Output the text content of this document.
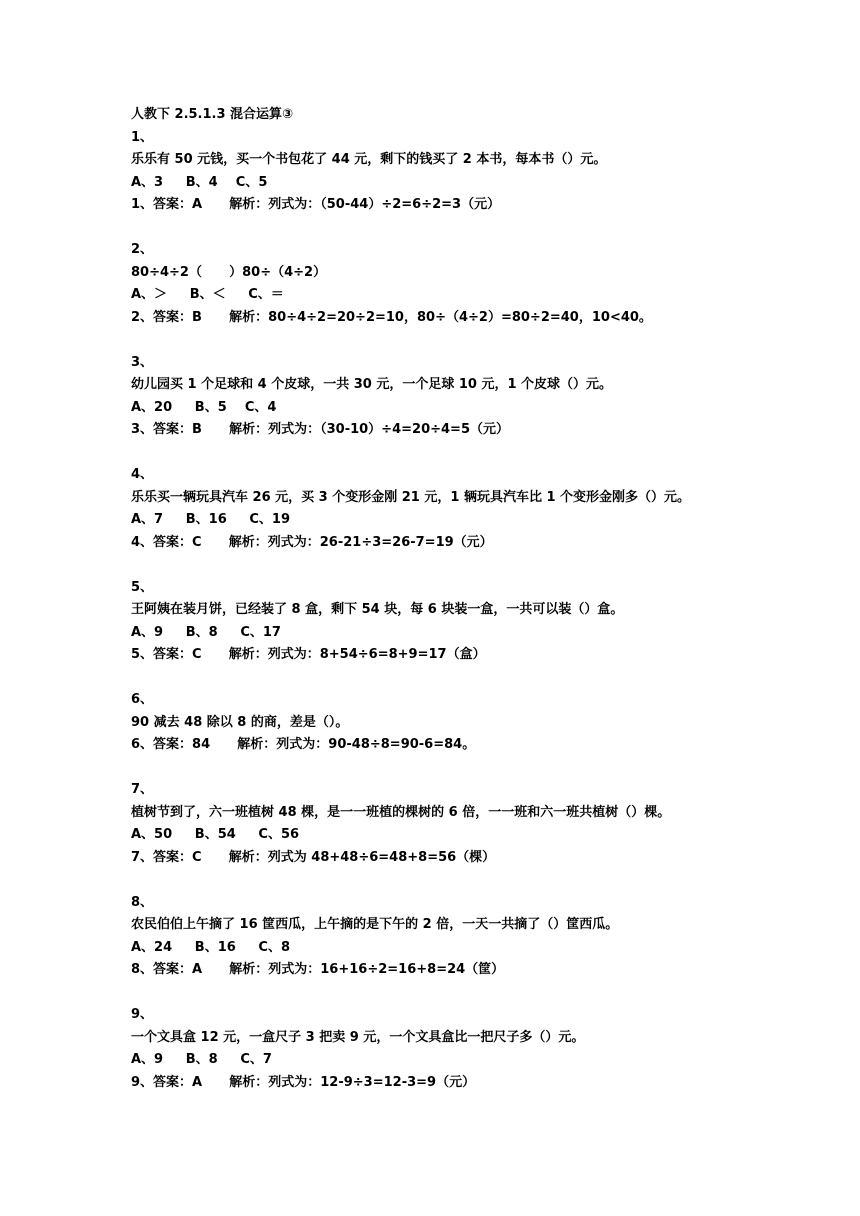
人教下 2.5.1.3 混合运算③
1、
乐乐有 50 元钱，买一个书包花了 44 元，剩下的钱买了 2 本书，每本书（）元。
A、3     B、4    C、5
1、答案：A      解析：列式为：（50-44）÷2=6÷2=3（元）
2、
80÷4÷2（      ）80÷（4÷2）
A、＞     B、＜     C、＝
2、答案：B      解析：80÷4÷2=20÷2=10，80÷（4÷2）=80÷2=40，10<40。
3、
幼儿园买 1 个足球和 4 个皮球，一共 30 元，一个足球 10 元，1 个皮球（）元。
A、20     B、5    C、4
3、答案：B      解析：列式为：（30-10）÷4=20÷4=5（元）
4、
乐乐买一辆玩具汽车 26 元，买 3 个变形金刚 21 元，1 辆玩具汽车比 1 个变形金刚多（）元。
A、7     B、16     C、19
4、答案：C      解析：列式为：26-21÷3=26-7=19（元）
5、
王阿姨在装月饼，已经装了 8 盒，剩下 54 块，每 6 块装一盒，一共可以装（）盒。
A、9     B、8     C、17
5、答案：C      解析：列式为：8+54÷6=8+9=17（盒）
6、
90 减去 48 除以 8 的商，差是（）。
6、答案：84      解析：列式为：90-48÷8=90-6=84。
7、
植树节到了，六一班植树 48 棵，是一一班植的棵树的 6 倍，一一班和六一班共植树（）棵。
A、50     B、54     C、56
7、答案：C      解析：列式为 48+48÷6=48+8=56（棵）
8、
农民伯伯上午摘了 16 筐西瓜，上午摘的是下午的 2 倍，一天一共摘了（）筐西瓜。
A、24     B、16     C、8
8、答案：A      解析：列式为：16+16÷2=16+8=24（筐）
9、
一个文具盒 12 元，一盒尺子 3 把卖 9 元，一个文具盒比一把尺子多（）元。
A、9     B、8     C、7
9、答案：A      解析：列式为：12-9÷3=12-3=9（元）
